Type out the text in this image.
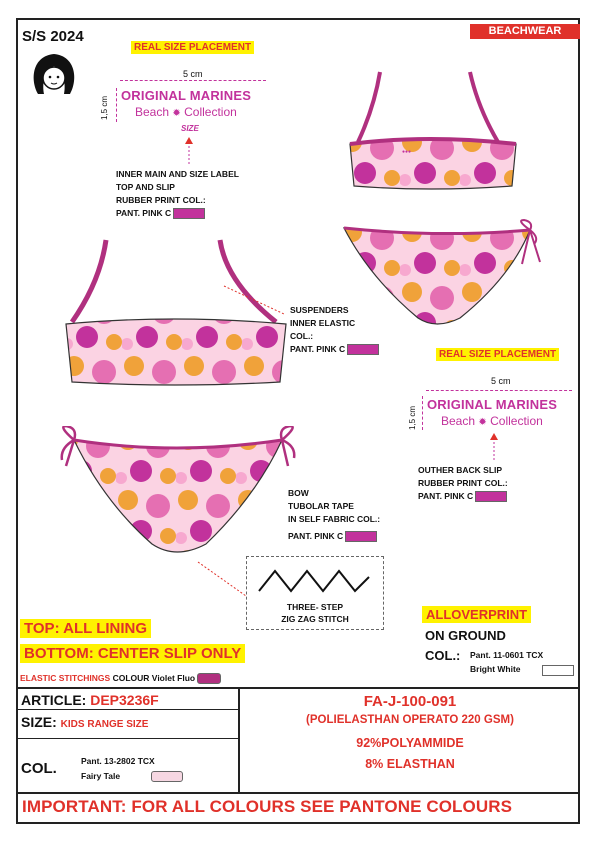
S/S 2024	BEACHWEAR
REAL SIZE PLACEMENT
5 cm
1,5 cm
ORIGINAL MARINES
Beach ✹ Collection
SIZE
INNER MAIN AND SIZE LABEL
TOP AND SLIP
RUBBER PRINT COL.:
PANT. PINK C
●●●
SUSPENDERS
INNER ELASTIC
COL.:
PANT. PINK C	REAL SIZE PLACEMENT
5 cm
1,5 cm
ORIGINAL MARINES
Beach ✹ Collection
OUTHER BACK SLIP
RUBBER PRINT COL.:
PANT. PINK C
BOW
TUBOLAR TAPE
IN SELF FABRIC COL.:
PANT. PINK C
THREE- STEP
ZIG ZAG STITCH
TOP: ALL LINING
BOTTOM: CENTER SLIP ONLY
ALLOVERPRINT
ON GROUND
COL.: Pant. 11-0601 TCX
Bright White
ELASTIC STITCHINGS COLOUR Violet Fluo
ARTICLE: DEP3236F
SIZE: KIDS RANGE SIZE
COL.	Pant. 13-2802 TCX
Fairy Tale
FA-J-100-091
(POLIELASTHAN OPERATO 220 GSM)
92%POLYAMMIDE
8% ELASTHAN
IMPORTANT: FOR ALL COLOURS SEE PANTONE COLOURS
